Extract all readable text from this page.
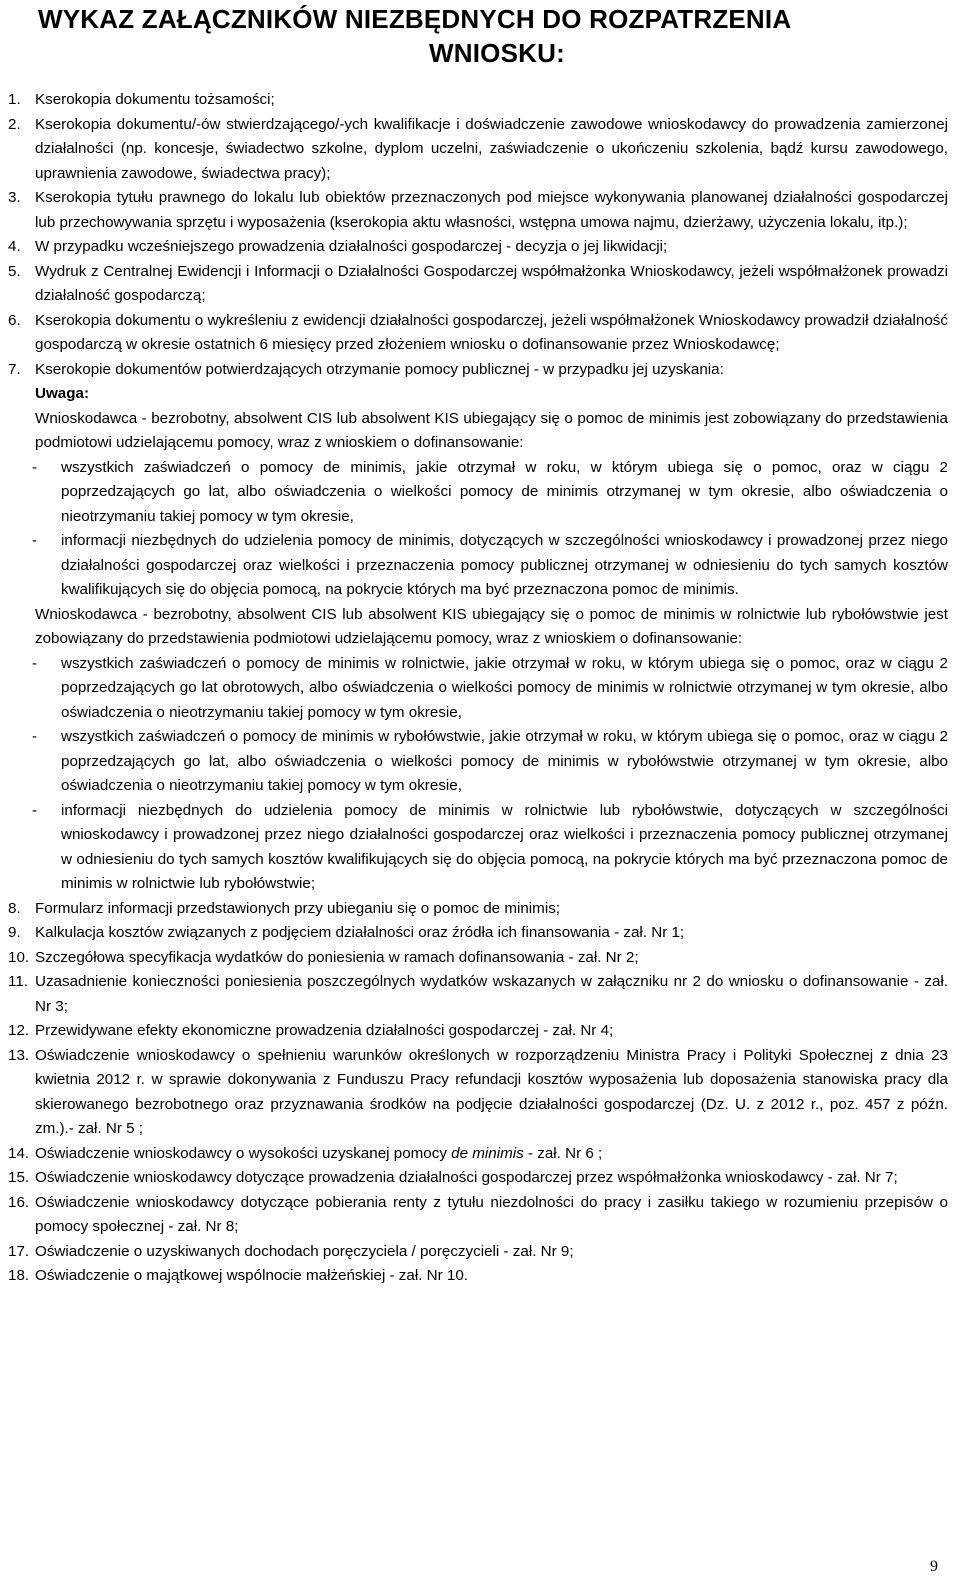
WYKAZ ZAŁĄCZNIKÓW NIEZBĘDNYCH DO ROZPATRZENIA
WNIOSKU:
1. Kserokopia dokumentu tożsamości;
2. Kserokopia dokumentu/-ów stwierdzającego/-ych kwalifikacje i doświadczenie zawodowe wnioskodawcy do prowadzenia zamierzonej działalności (np. koncesje, świadectwo szkolne, dyplom uczelni, zaświadczenie o ukończeniu szkolenia, bądź kursu zawodowego, uprawnienia zawodowe, świadectwa pracy);
3. Kserokopia tytułu prawnego do lokalu lub obiektów przeznaczonych pod miejsce wykonywania planowanej działalności gospodarczej lub przechowywania sprzętu i wyposażenia (kserokopia aktu własności, wstępna umowa najmu, dzierżawy, użyczenia lokalu, itp.);
4. W przypadku wcześniejszego prowadzenia działalności gospodarczej - decyzja o jej likwidacji;
5. Wydruk z Centralnej Ewidencji i Informacji o Działalności Gospodarczej współmałżonka Wnioskodawcy, jeżeli współmałżonek prowadzi działalność gospodarczą;
6. Kserokopia dokumentu o wykreśleniu z ewidencji działalności gospodarczej, jeżeli współmałżonek Wnioskodawcy prowadził działalność gospodarczą w okresie ostatnich 6 miesięcy przed złożeniem wniosku o dofinansowanie przez Wnioskodawcę;
7. Kserokopie dokumentów potwierdzających otrzymanie pomocy publicznej - w przypadku jej uzyskania:
Uwaga:
Wnioskodawca - bezrobotny, absolwent CIS lub absolwent KIS ubiegający się o pomoc de minimis jest zobowiązany do przedstawienia podmiotowi udzielającemu pomocy, wraz z wnioskiem o dofinansowanie:
- wszystkich zaświadczeń o pomocy de minimis, jakie otrzymał w roku, w którym ubiega się o pomoc, oraz w ciągu 2 poprzedzających go lat, albo oświadczenia o wielkości pomocy de minimis otrzymanej w tym okresie, albo oświadczenia o nieotrzymaniu takiej pomocy w tym okresie,
- informacji niezbędnych do udzielenia pomocy de minimis, dotyczących w szczególności wnioskodawcy i prowadzonej przez niego działalności gospodarczej oraz wielkości i przeznaczenia pomocy publicznej otrzymanej w odniesieniu do tych samych kosztów kwalifikujących się do objęcia pomocą, na pokrycie których ma być przeznaczona pomoc de minimis.
Wnioskodawca - bezrobotny, absolwent CIS lub absolwent KIS ubiegający się o pomoc de minimis w rolnictwie lub rybołówstwie jest zobowiązany do przedstawienia podmiotowi udzielającemu pomocy, wraz z wnioskiem o dofinansowanie:
- wszystkich zaświadczeń o pomocy de minimis w rolnictwie, jakie otrzymał w roku, w którym ubiega się o pomoc, oraz w ciągu 2 poprzedzających go lat obrotowych, albo oświadczenia o wielkości pomocy de minimis w rolnictwie otrzymanej w tym okresie, albo oświadczenia o nieotrzymaniu takiej pomocy w tym okresie,
- wszystkich zaświadczeń o pomocy de minimis w rybołówstwie, jakie otrzymał w roku, w którym ubiega się o pomoc, oraz w ciągu 2 poprzedzających go lat, albo oświadczenia o wielkości pomocy de minimis w rybołówstwie otrzymanej w tym okresie, albo oświadczenia o nieotrzymaniu takiej pomocy w tym okresie,
- informacji niezbędnych do udzielenia pomocy de minimis w rolnictwie lub rybołówstwie, dotyczących w szczególności wnioskodawcy i prowadzonej przez niego działalności gospodarczej oraz wielkości i przeznaczenia pomocy publicznej otrzymanej w odniesieniu do tych samych kosztów kwalifikujących się do objęcia pomocą, na pokrycie których ma być przeznaczona pomoc de minimis w rolnictwie lub rybołówstwie;
8. Formularz informacji przedstawionych przy ubieganiu się o pomoc de minimis;
9. Kalkulacja kosztów związanych z podjęciem działalności oraz źródła ich finansowania - zał. Nr 1;
10. Szczegółowa specyfikacja wydatków do poniesienia w ramach dofinansowania - zał. Nr 2;
11. Uzasadnienie konieczności poniesienia poszczególnych wydatków wskazanych w załączniku nr 2 do wniosku o dofinansowanie - zał. Nr 3;
12. Przewidywane efekty ekonomiczne prowadzenia działalności gospodarczej - zał. Nr 4;
13. Oświadczenie wnioskodawcy o spełnieniu warunków określonych w rozporządzeniu Ministra Pracy i Polityki Społecznej z dnia 23 kwietnia 2012 r. w sprawie dokonywania z Funduszu Pracy refundacji kosztów wyposażenia lub doposażenia stanowiska pracy dla skierowanego bezrobotnego oraz przyznawania środków na podjęcie działalności gospodarczej (Dz. U. z 2012 r., poz. 457 z późn. zm.).- zał. Nr 5 ;
14. Oświadczenie wnioskodawcy o wysokości uzyskanej pomocy de minimis - zał. Nr 6 ;
15. Oświadczenie wnioskodawcy dotyczące prowadzenia działalności gospodarczej przez współmałżonka wnioskodawcy - zał. Nr 7;
16. Oświadczenie wnioskodawcy dotyczące pobierania renty z tytułu niezdolności do pracy i zasiłku takiego w rozumieniu przepisów o pomocy społecznej - zał. Nr 8;
17. Oświadczenie o uzyskiwanych dochodach poręczyciela / poręczycieli - zał. Nr 9;
18. Oświadczenie o majątkowej wspólnocie małżeńskiej - zał. Nr 10.
9
